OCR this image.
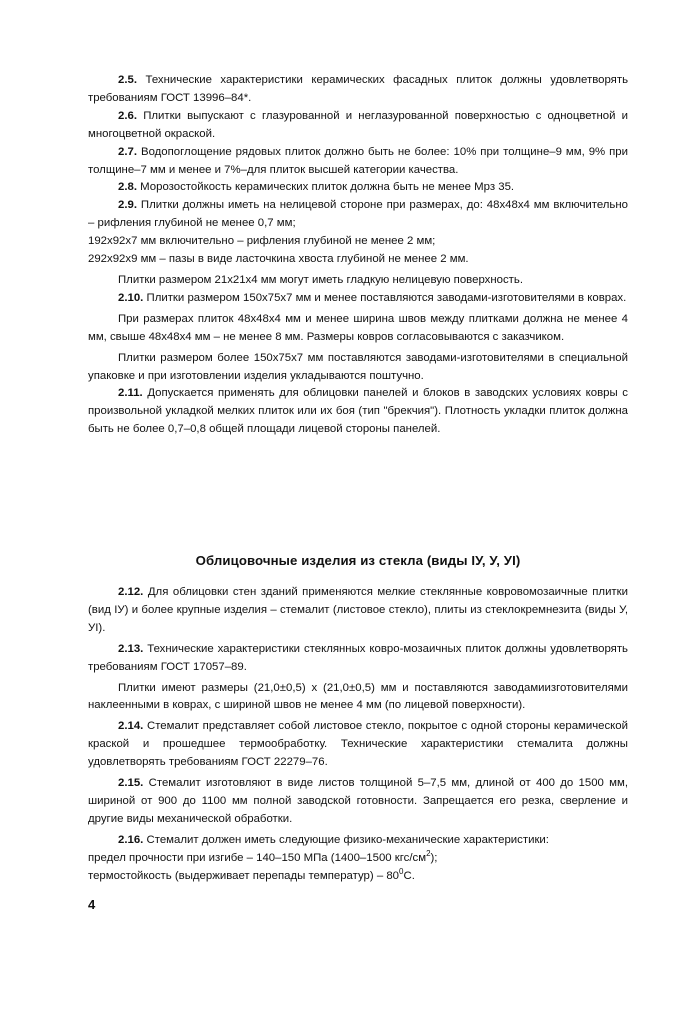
2.5. Технические характеристики керамических фасадных плиток должны удовлетворять требованиям ГОСТ 13996–84*.

2.6. Плитки выпускают с глазурованной и неглазурованной поверхностью с одноцветной и многоцветной окраской.

2.7. Водопоглощение рядовых плиток должно быть не более: 10% при толщине–9 мм, 9% при толщине–7 мм и менее и 7%–для плиток высшей категории качества.

2.8. Морозостойкость керамических плиток должна быть не менее Мрз 35.

2.9. Плитки должны иметь на нелицевой стороне при размерах, до: 48х48х4 мм включительно – рифления глубиной не менее 0,7 мм;

192х92х7 мм включительно – рифления глубиной не менее 2 мм;

292х92х9 мм – пазы в виде ласточкина хвоста глубиной не менее 2 мм.

Плитки размером 21х21х4 мм могут иметь гладкую нелицевую поверхность.

2.10. Плитки размером 150х75х7 мм и менее поставляются заводами-изготовителями в коврах.

При размерах плиток 48х48х4 мм и менее ширина швов между плитками должна не менее 4 мм, свыше 48х48х4 мм – не менее 8 мм. Размеры ковров согласовываются с заказчиком.

Плитки размером более 150х75х7 мм поставляются заводами-изготовителями в специальной упаковке и при изготовлении изделия укладываются поштучно.

2.11. Допускается применять для облицовки панелей и блоков в заводских условиях ковры с произвольной укладкой мелких плиток или их боя (тип "брекчия"). Плотность укладки плиток должна быть не более 0,7–0,8 общей площади лицевой стороны панелей.

Облицовочные изделия из стекла (виды IУ, У, УI)

2.12. Для облицовки стен зданий применяются мелкие стеклянные ковровомозаичные плитки (вид IУ) и более крупные изделия – стемалит (листовое стекло), плиты из стеклокремнезита (виды У, УI).

2.13. Технические характеристики стеклянных ковро-мозаичных плиток должны удовлетворять требованиям ГОСТ 17057–89.

Плитки имеют размеры (21,0±0,5) х (21,0±0,5) мм и поставляются заводамиизготовителями наклеенными в коврах, с шириной швов не менее 4 мм (по лицевой поверхности).

2.14. Стемалит представляет собой листовое стекло, покрытое с одной стороны керамической краской и прошедшее термообработку. Технические характеристики стемалита должны удовлетворять требованиям ГОСТ 22279–76.

2.15. Стемалит изготовляют в виде листов толщиной 5–7,5 мм, длиной от 400 до 1500 мм, шириной от 900 до 1100 мм полной заводской готовности. Запрещается его резка, сверление и другие виды механической обработки.

2.16. Стемалит должен иметь следующие физико-механические характеристики:

предел прочности при изгибе – 140–150 МПа (1400–1500 кгс/$см^2$);

термостойкость (выдерживает перепады температур) – $80^0С$.

4
